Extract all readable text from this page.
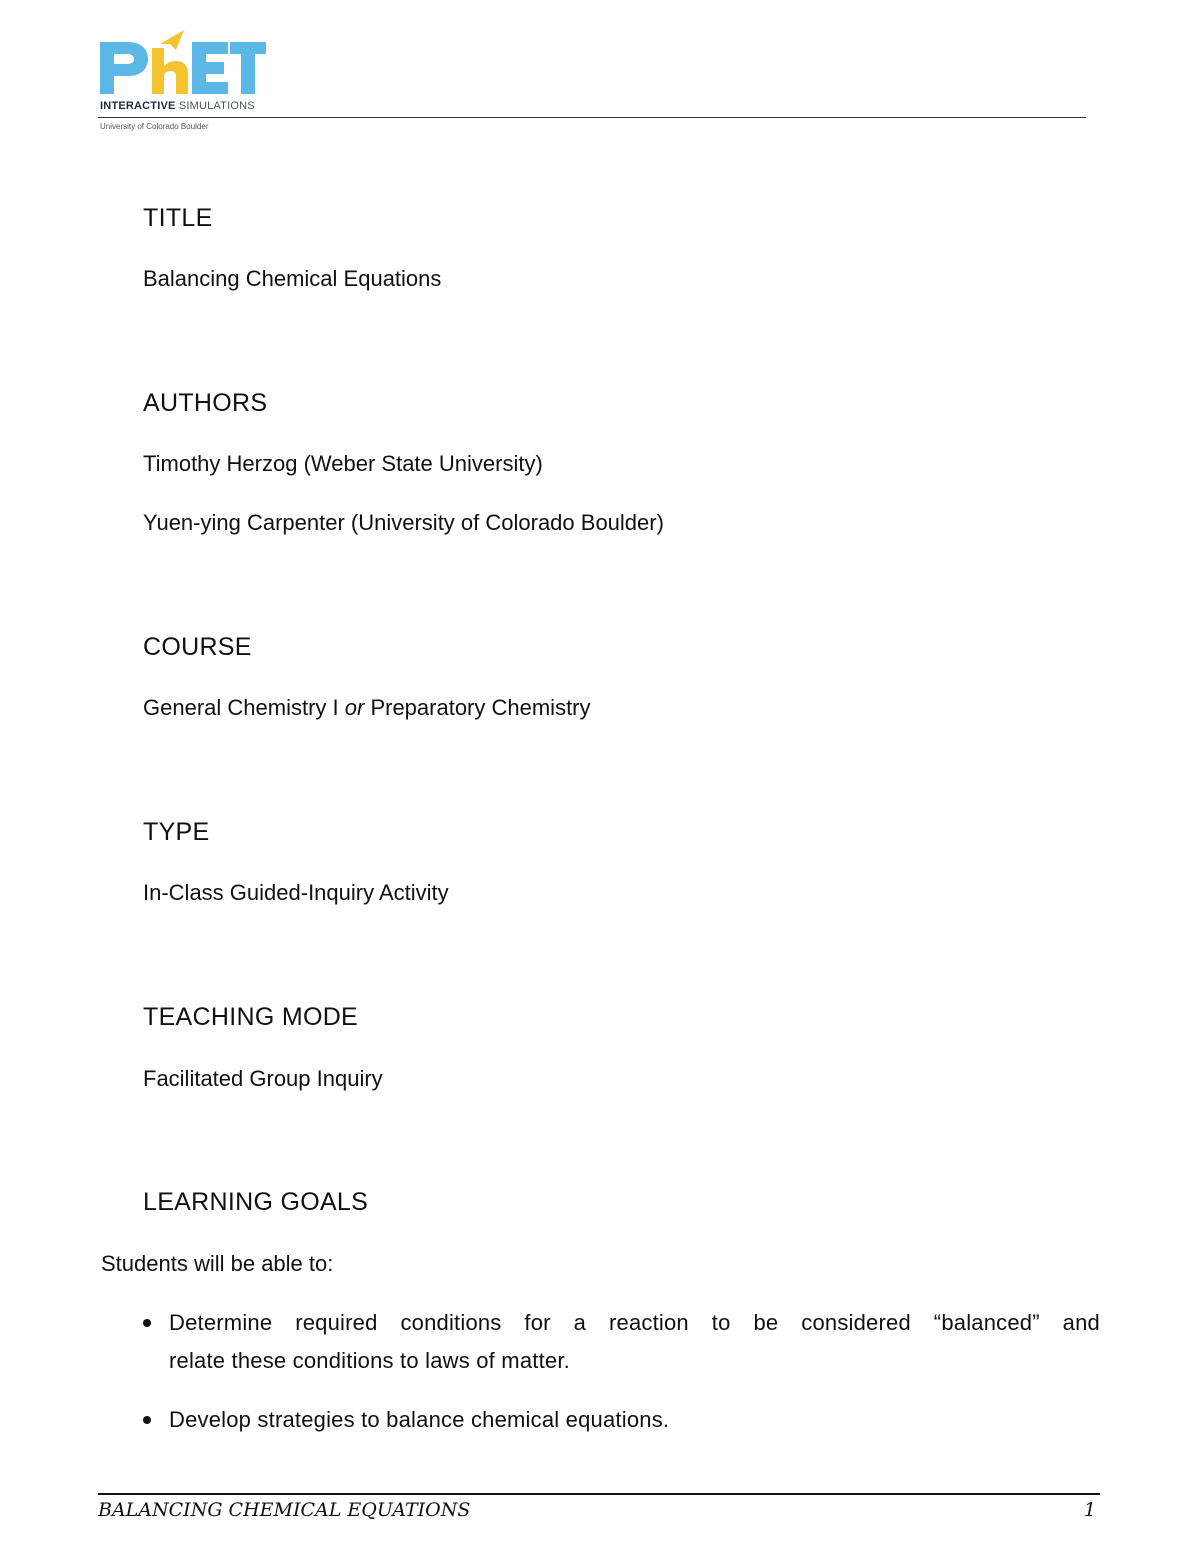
INTERACTIVE SIMULATIONS
University of Colorado Boulder
TITLE
Balancing Chemical Equations
AUTHORS
Timothy Herzog (Weber State University)
Yuen-ying Carpenter (University of Colorado Boulder)
COURSE
General Chemistry I or Preparatory Chemistry
TYPE
In-Class Guided-Inquiry Activity
TEACHING MODE
Facilitated Group Inquiry
LEARNING GOALS
Students will be able to:
Determine required conditions for a reaction to be considered “balanced” and
relate these conditions to laws of matter.
Develop strategies to balance chemical equations.
BALANCING CHEMICAL EQUATIONS	1
